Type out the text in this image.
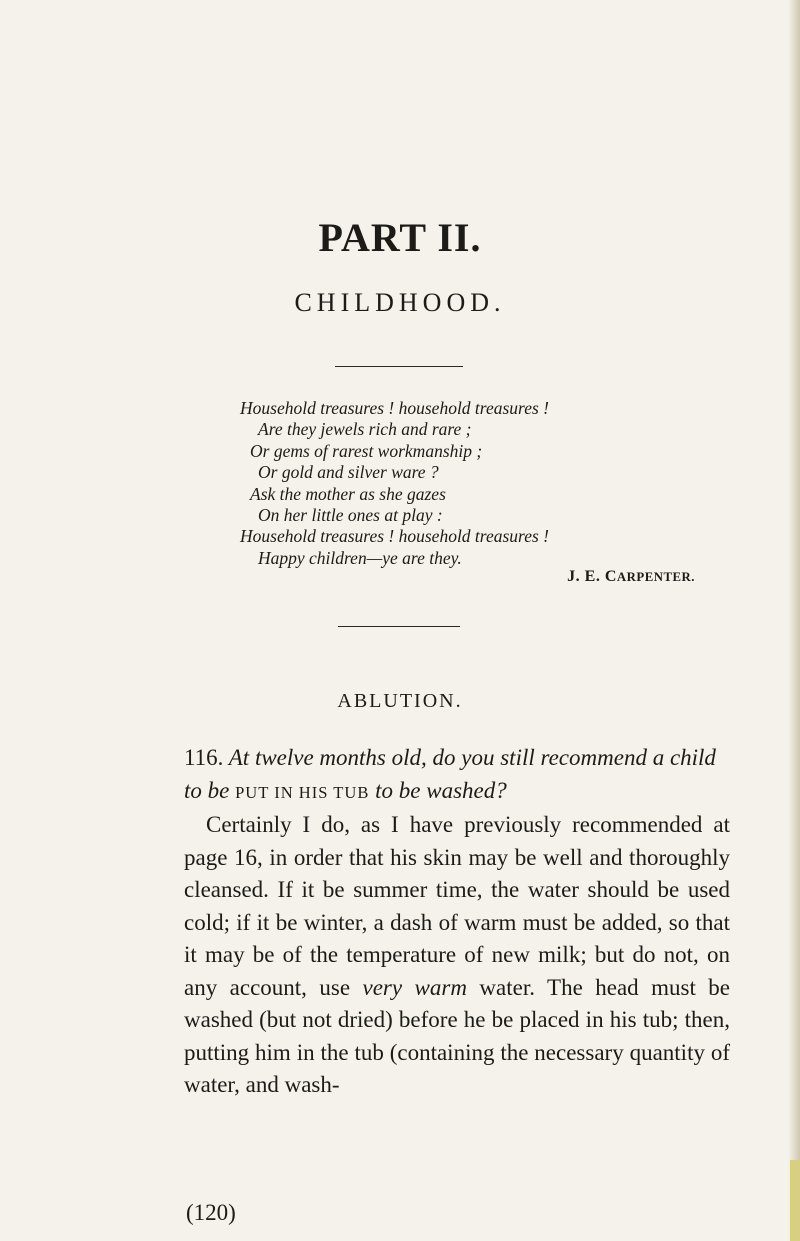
PART II.
CHILDHOOD.
Household treasures ! household treasures !
Are they jewels rich and rare ;
Or gems of rarest workmanship ;
Or gold and silver ware ?
Ask the mother as she gazes
On her little ones at play :
Household treasures ! household treasures !
Happy children—ye are they.
J. E. CARPENTER.
ABLUTION.
116. At twelve months old, do you still recommend a child to be PUT IN HIS TUB to be washed?

Certainly I do, as I have previously recommended at page 16, in order that his skin may be well and thoroughly cleansed. If it be summer time, the water should be used cold; if it be winter, a dash of warm must be added, so that it may be of the temperature of new milk; but do not, on any account, use very warm water. The head must be washed (but not dried) before he be placed in his tub; then, putting him in the tub (containing the necessary quantity of water, and wash-

(120)
